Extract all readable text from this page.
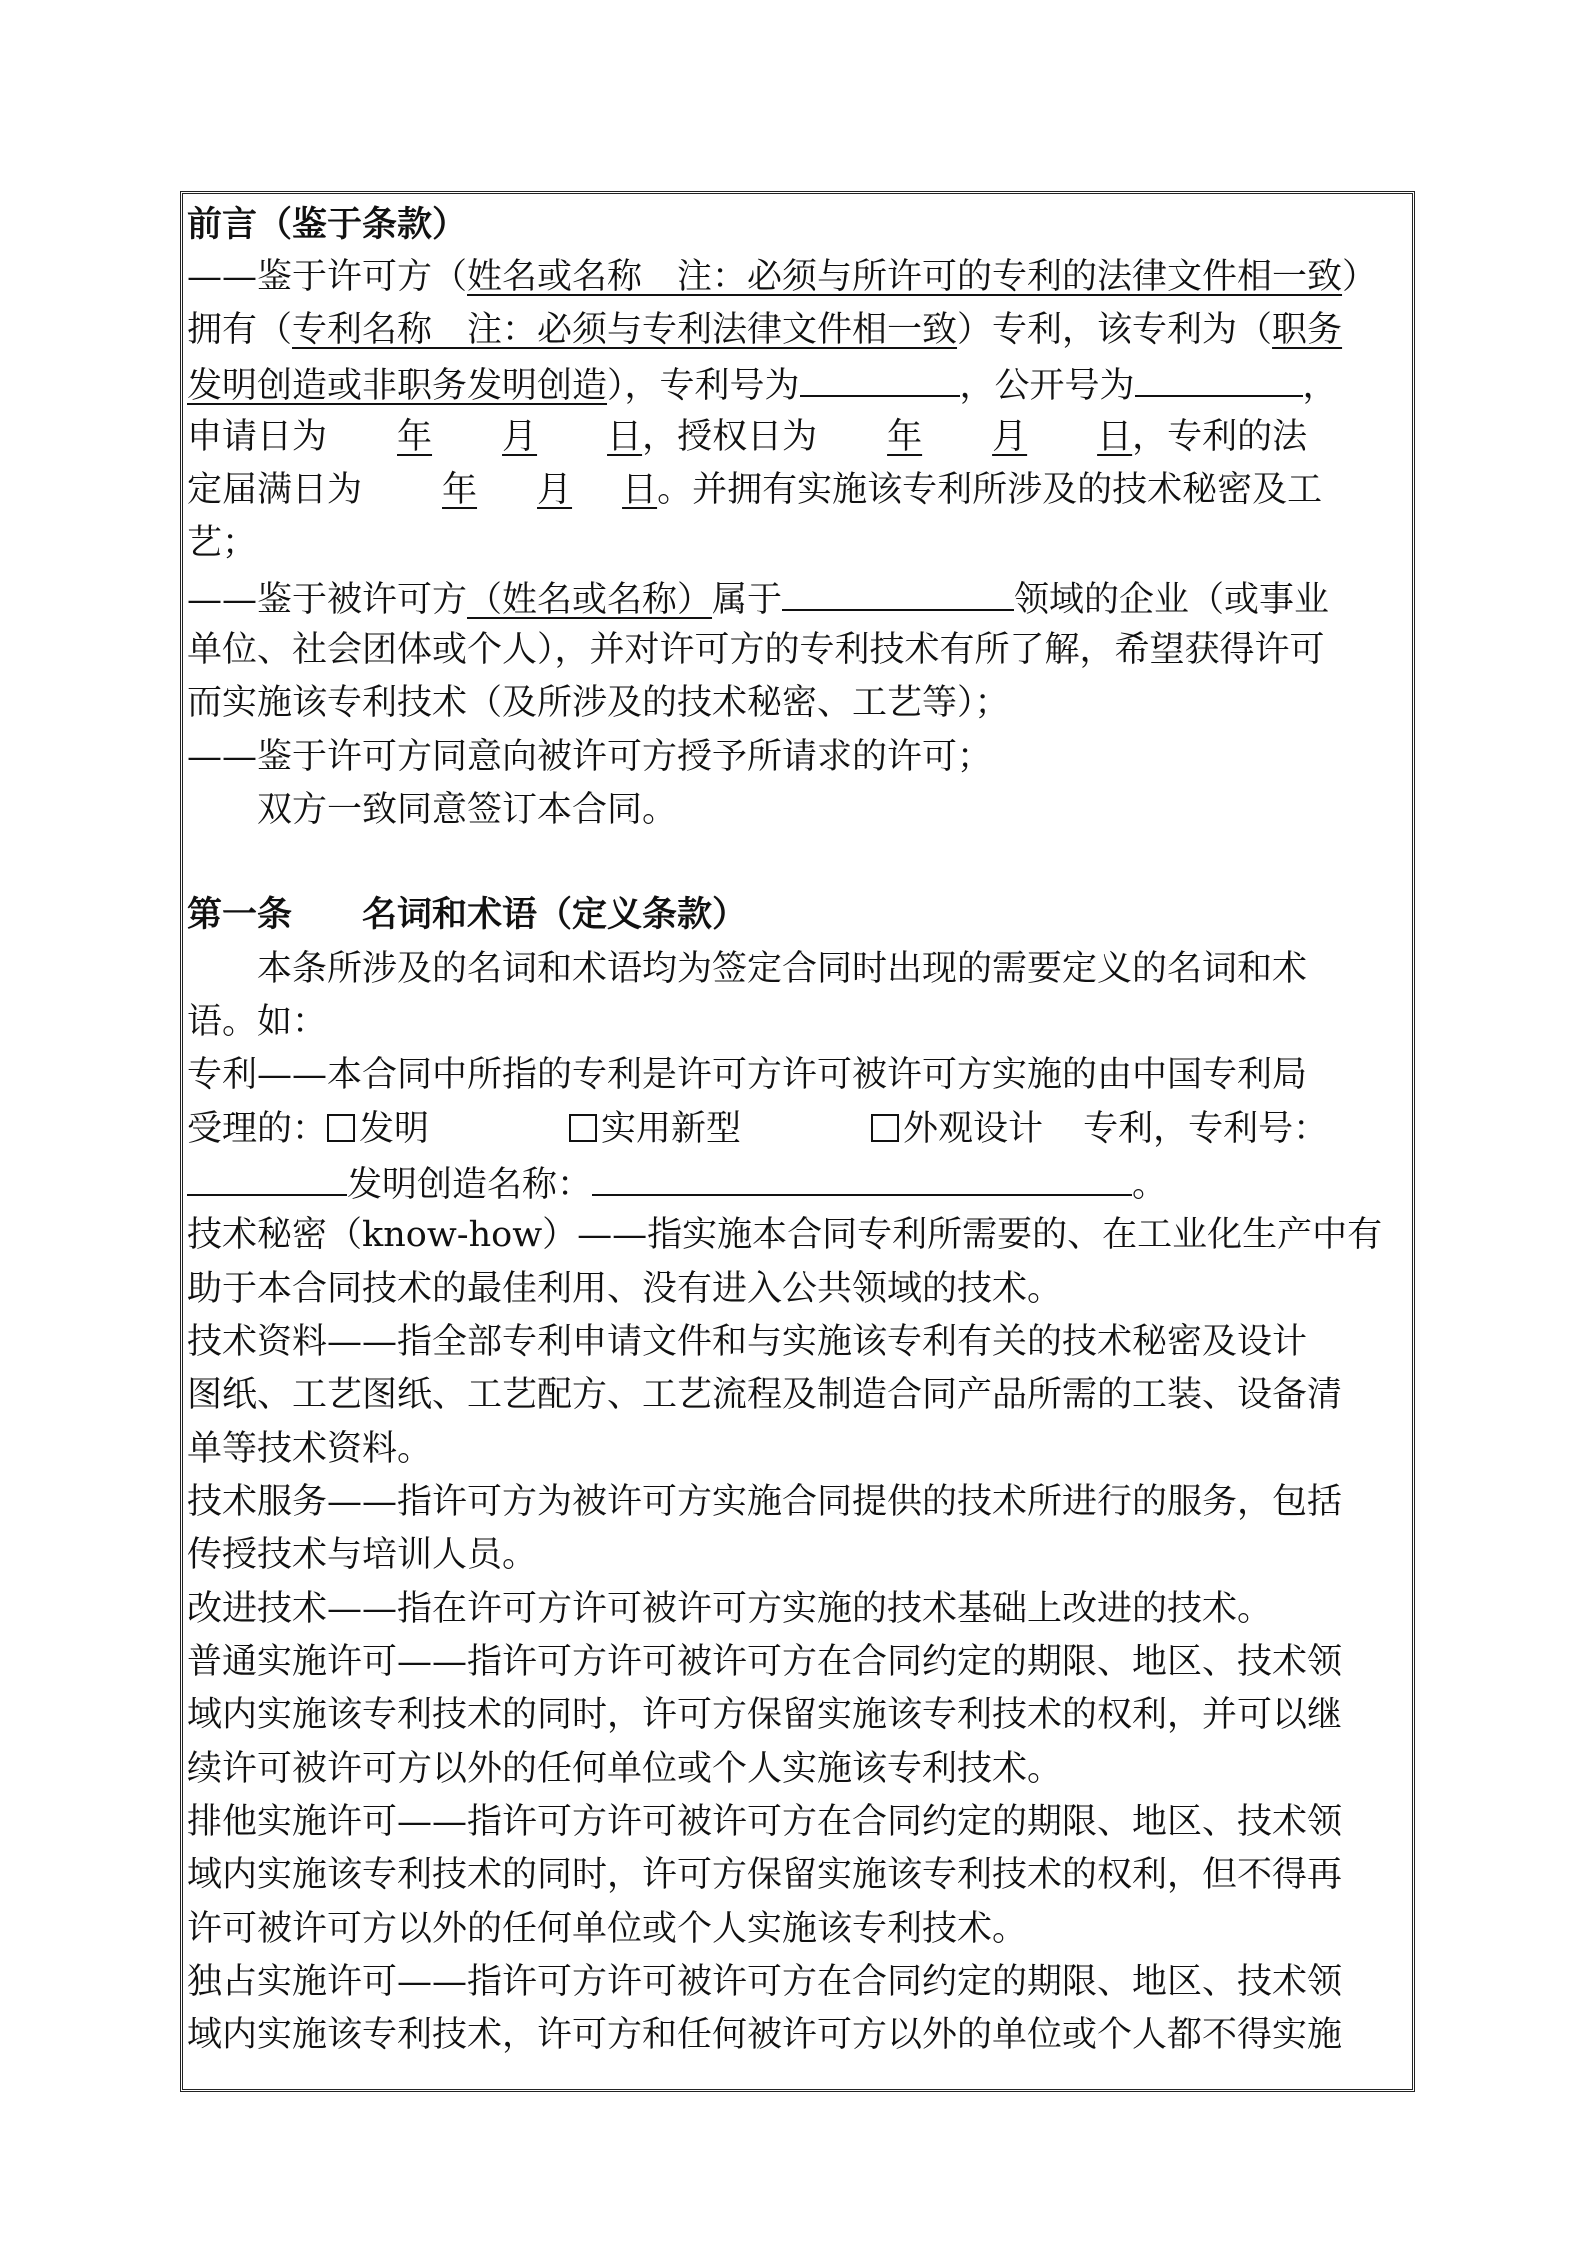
前言（鉴于条款）
——鉴于许可方（姓名或名称　注：必须与所许可的专利的法律文件相一致）
拥有（专利名称　注：必须与专利法律文件相一致）专利，该专利为（职务
发明创造或非职务发明创造），专利号为	，公开号为	，
申请日为 年 月 日，授权日为 年 月 日，专利的法
定届满日为 年 月 日。并拥有实施该专利所涉及的技术秘密及工
艺；
——鉴于被许可方（姓名或名称）属于	领域的企业（或事业
单位、社会团体或个人），并对许可方的专利技术有所了解，希望获得许可
而实施该专利技术（及所涉及的技术秘密、工艺等）；
——鉴于许可方同意向被许可方授予所请求的许可；
双方一致同意签订本合同。
第一条 名词和术语（定义条款）
本条所涉及的名词和术语均为签定合同时出现的需要定义的名词和术
语。如：
专利——本合同中所指的专利是许可方许可被许可方实施的由中国专利局
受理的： 发明	实用新型	外观设计 专利，专利号：
发明创造名称：	。
技术秘密（know-how）——指实施本合同专利所需要的、在工业化生产中有
助于本合同技术的最佳利用、没有进入公共领域的技术。
技术资料——指全部专利申请文件和与实施该专利有关的技术秘密及设计
图纸、工艺图纸、工艺配方、工艺流程及制造合同产品所需的工装、设备清
单等技术资料。
技术服务——指许可方为被许可方实施合同提供的技术所进行的服务，包括
传授技术与培训人员。
改进技术——指在许可方许可被许可方实施的技术基础上改进的技术。
普通实施许可——指许可方许可被许可方在合同约定的期限、地区、技术领
域内实施该专利技术的同时，许可方保留实施该专利技术的权利，并可以继
续许可被许可方以外的任何单位或个人实施该专利技术。
排他实施许可——指许可方许可被许可方在合同约定的期限、地区、技术领
域内实施该专利技术的同时，许可方保留实施该专利技术的权利，但不得再
许可被许可方以外的任何单位或个人实施该专利技术。
独占实施许可——指许可方许可被许可方在合同约定的期限、地区、技术领
域内实施该专利技术，许可方和任何被许可方以外的单位或个人都不得实施
